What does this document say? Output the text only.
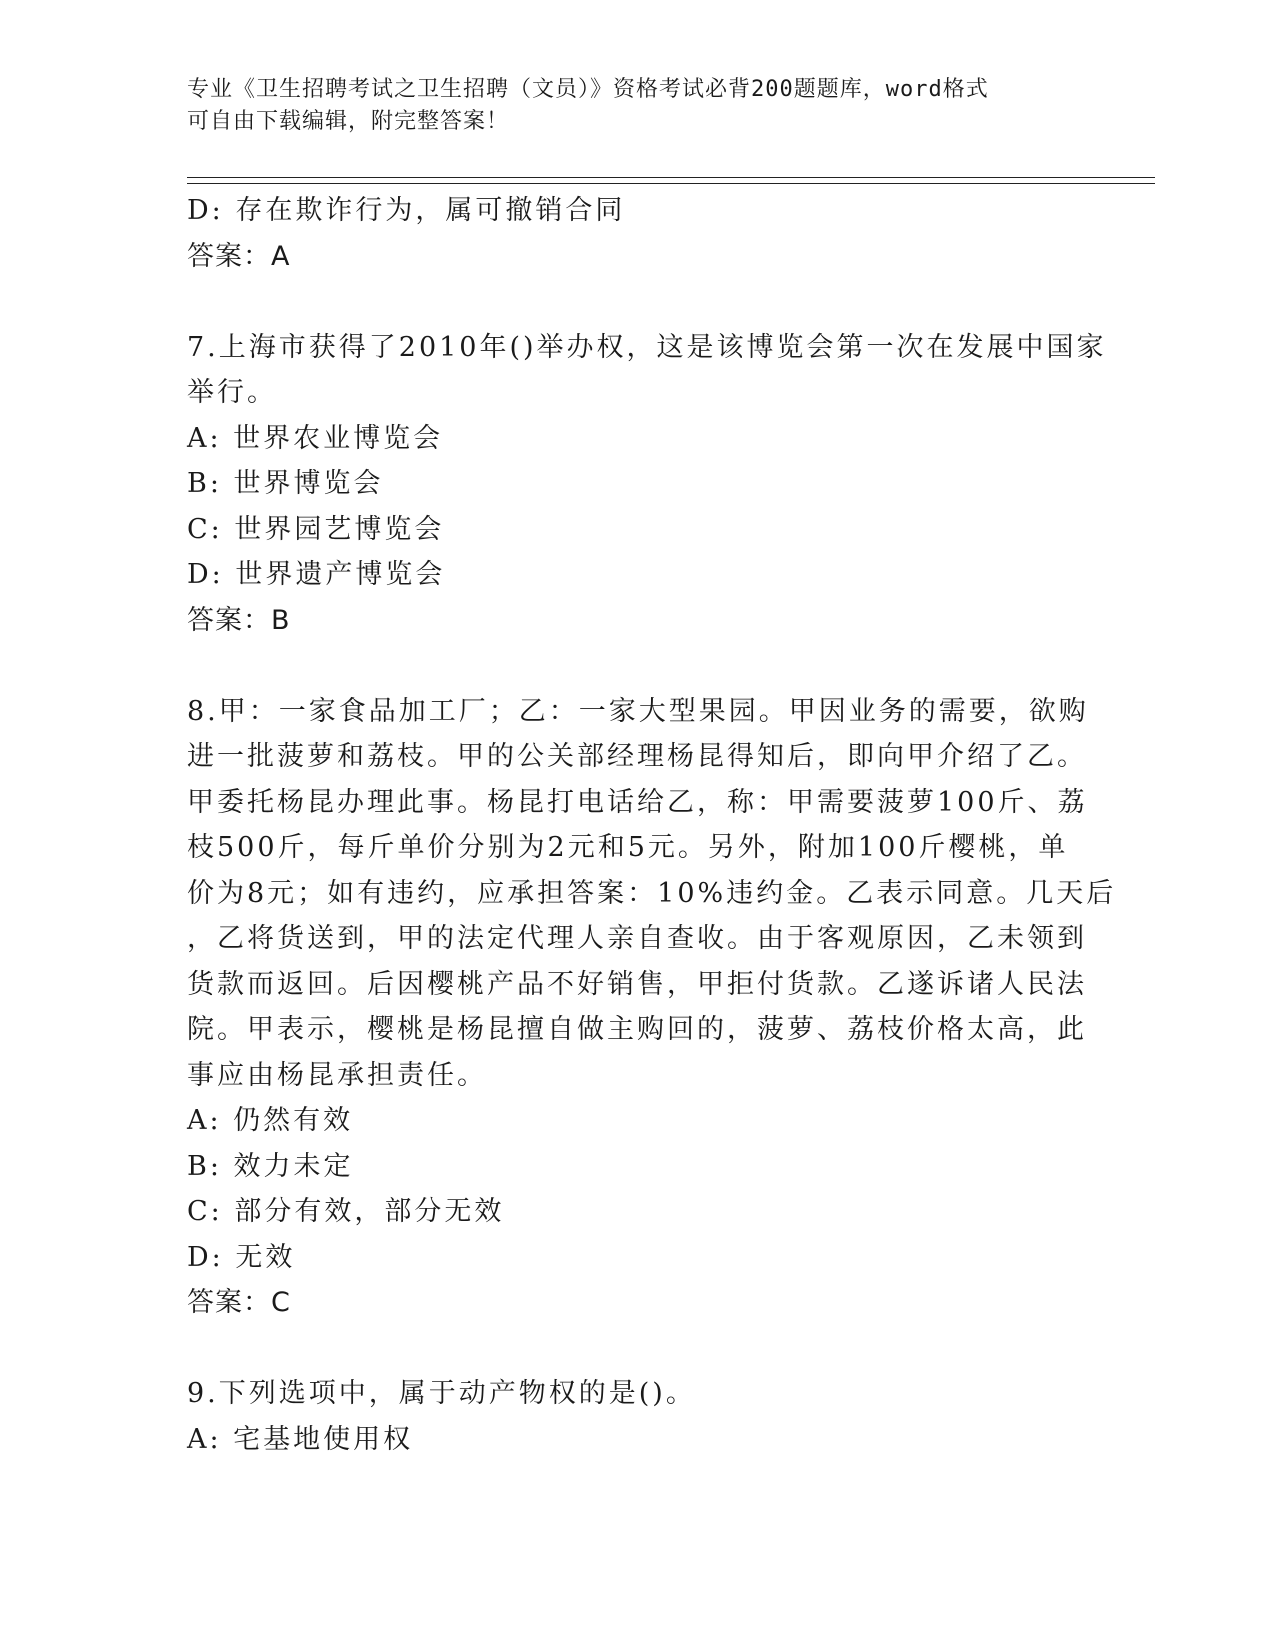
专业《卫生招聘考试之卫生招聘（文员）》资格考试必背200题题库，word格式
可自由下载编辑，附完整答案！
D: 存在欺诈行为，属可撤销合同
答案：A
7.上海市获得了2010年()举办权，这是该博览会第一次在发展中国家
举行。
A: 世界农业博览会
B: 世界博览会
C: 世界园艺博览会
D: 世界遗产博览会
答案：B
8.甲：一家食品加工厂；乙：一家大型果园。甲因业务的需要，欲购
进一批菠萝和荔枝。甲的公关部经理杨昆得知后，即向甲介绍了乙。
甲委托杨昆办理此事。杨昆打电话给乙，称：甲需要菠萝100斤、荔
枝500斤，每斤单价分别为2元和5元。另外，附加100斤樱桃，单
价为8元；如有违约，应承担答案：10%违约金。乙表示同意。几天后
，乙将货送到，甲的法定代理人亲自查收。由于客观原因，乙未领到
货款而返回。后因樱桃产品不好销售，甲拒付货款。乙遂诉诸人民法
院。甲表示，樱桃是杨昆擅自做主购回的，菠萝、荔枝价格太高，此
事应由杨昆承担责任。
A: 仍然有效
B: 效力未定
C: 部分有效，部分无效
D: 无效
答案：C
9.下列选项中，属于动产物权的是()。
A: 宅基地使用权
